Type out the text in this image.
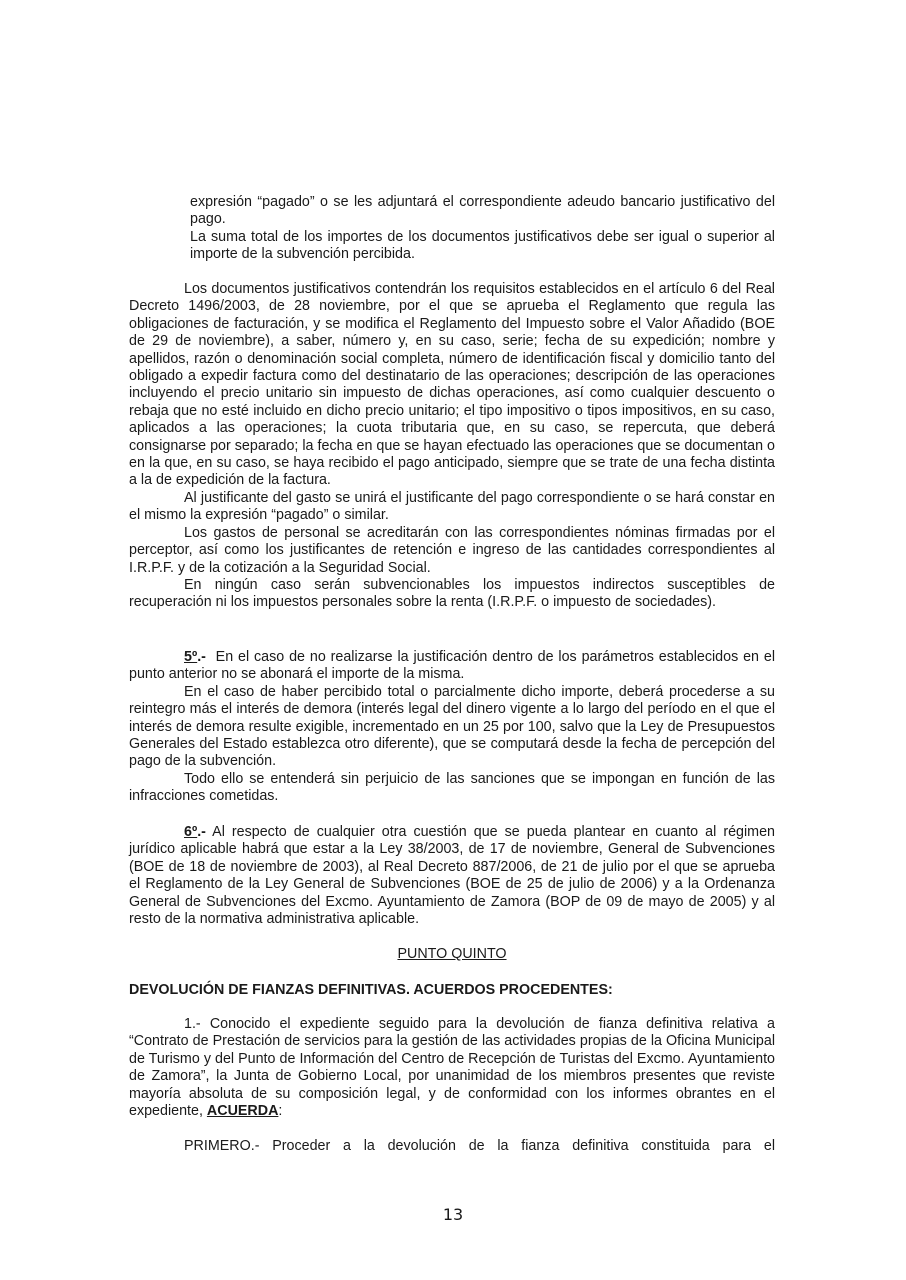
expresión “pagado” o se les adjuntará el correspondiente adeudo bancario justificativo del pago.

La suma total de los importes de los documentos justificativos debe ser igual o superior al importe de la subvención percibida.

Los documentos justificativos contendrán los requisitos establecidos en el artículo 6 del Real Decreto 1496/2003, de 28 noviembre, por el que se aprueba el Reglamento que regula las obligaciones de facturación, y se modifica el Reglamento del Impuesto sobre el Valor Añadido (BOE de 29 de noviembre), a saber, número y, en su caso, serie; fecha de su expedición; nombre y apellidos, razón o denominación social completa, número de identificación fiscal y domicilio tanto del obligado a expedir factura como del destinatario de las operaciones; descripción de las operaciones incluyendo el precio unitario sin impuesto de dichas operaciones, así como cualquier descuento o rebaja que no esté incluido en dicho precio unitario; el tipo impositivo o tipos impositivos, en su caso, aplicados a las operaciones; la cuota tributaria que, en su caso, se repercuta, que deberá consignarse por separado; la fecha en que se hayan efectuado las operaciones que se documentan o en la que, en su caso, se haya recibido el pago anticipado, siempre que se trate de una fecha distinta a la de expedición de la factura.

Al justificante del gasto se unirá el justificante del pago correspondiente o se hará constar en el mismo la expresión “pagado” o similar.

Los gastos de personal se acreditarán con las correspondientes nóminas firmadas por el perceptor, así como los justificantes de retención e ingreso de las cantidades correspondientes al I.R.P.F. y de la cotización a la Seguridad Social.

En ningún caso serán subvencionables los impuestos indirectos susceptibles de recuperación ni los impuestos personales sobre la renta (I.R.P.F. o impuesto de sociedades).

5º.- En el caso de no realizarse la justificación dentro de los parámetros establecidos en el punto anterior no se abonará el importe de la misma.

En el caso de haber percibido total o parcialmente dicho importe, deberá procederse a su reintegro más el interés de demora (interés legal del dinero vigente a lo largo del período en el que el interés de demora resulte exigible, incrementado en un 25 por 100, salvo que la Ley de Presupuestos Generales del Estado establezca otro diferente), que se computará desde la fecha de percepción del pago de la subvención.

Todo ello se entenderá sin perjuicio de las sanciones que se impongan en función de las infracciones cometidas.

6º.- Al respecto de cualquier otra cuestión que se pueda plantear en cuanto al régimen jurídico aplicable habrá que estar a la Ley 38/2003, de 17 de noviembre, General de Subvenciones (BOE de 18 de noviembre de 2003), al Real Decreto 887/2006, de 21 de julio por el que se aprueba el Reglamento de la Ley General de Subvenciones (BOE de 25 de julio de 2006) y a la Ordenanza General de Subvenciones del Excmo. Ayuntamiento de Zamora (BOP de 09 de mayo de 2005) y al resto de la normativa administrativa aplicable.

PUNTO QUINTO
DEVOLUCIÓN DE FIANZAS DEFINITIVAS. ACUERDOS PROCEDENTES:

1.- Conocido el expediente seguido para la devolución de fianza definitiva relativa a “Contrato de Prestación de servicios para la gestión de las actividades propias de la Oficina Municipal de Turismo y del Punto de Información del Centro de Recepción de Turistas del Excmo. Ayuntamiento de Zamora”, la Junta de Gobierno Local, por unanimidad de los miembros presentes que reviste mayoría absoluta de su composición legal, y de conformidad con los informes obrantes en el expediente, ACUERDA:

PRIMERO.- Proceder a la devolución de la fianza definitiva constituida para el

13
